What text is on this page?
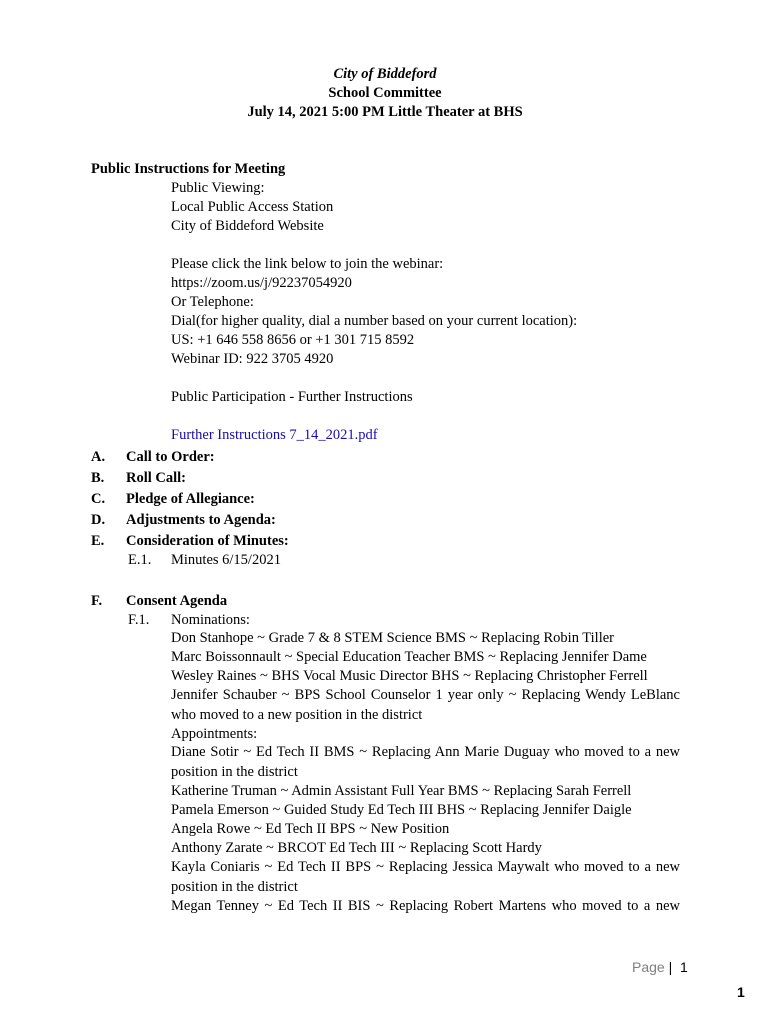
City of Biddeford
School Committee
July 14, 2021 5:00 PM Little Theater at BHS
Public Instructions for Meeting
Public Viewing:
Local Public Access Station
City of Biddeford Website
Please click the link below to join the webinar:
https://zoom.us/j/92237054920
Or Telephone:
Dial(for higher quality, dial a number based on your current location):
US: +1 646 558 8656 or +1 301 715 8592
Webinar ID: 922 3705 4920
Public Participation - Further Instructions
Further Instructions 7_14_2021.pdf
A. Call to Order:
B. Roll Call:
C. Pledge of Allegiance:
D. Adjustments to Agenda:
E. Consideration of Minutes:
E.1. Minutes 6/15/2021
F. Consent Agenda
F.1. Nominations:
Don Stanhope ~ Grade 7 & 8 STEM Science BMS ~ Replacing Robin Tiller
Marc Boissonnault ~ Special Education Teacher BMS ~ Replacing Jennifer Dame
Wesley Raines ~ BHS Vocal Music Director BHS ~ Replacing Christopher Ferrell
Jennifer Schauber ~ BPS School Counselor 1 year only ~ Replacing Wendy LeBlanc
who moved to a new position in the district
Appointments:
Diane Sotir ~ Ed Tech II BMS ~ Replacing Ann Marie Duguay who moved to a new
position in the district
Katherine Truman ~ Admin Assistant Full Year BMS ~ Replacing Sarah Ferrell
Pamela Emerson ~ Guided Study Ed Tech III BHS ~ Replacing Jennifer Daigle
Angela Rowe ~ Ed Tech II BPS ~ New Position
Anthony Zarate ~ BRCOT Ed Tech III ~ Replacing Scott Hardy
Kayla Coniaris ~ Ed Tech II BPS ~ Replacing Jessica Maywalt who moved to a new
position in the district
Megan Tenney ~ Ed Tech II BIS ~ Replacing Robert Martens who moved to a new
Page | 1
1
